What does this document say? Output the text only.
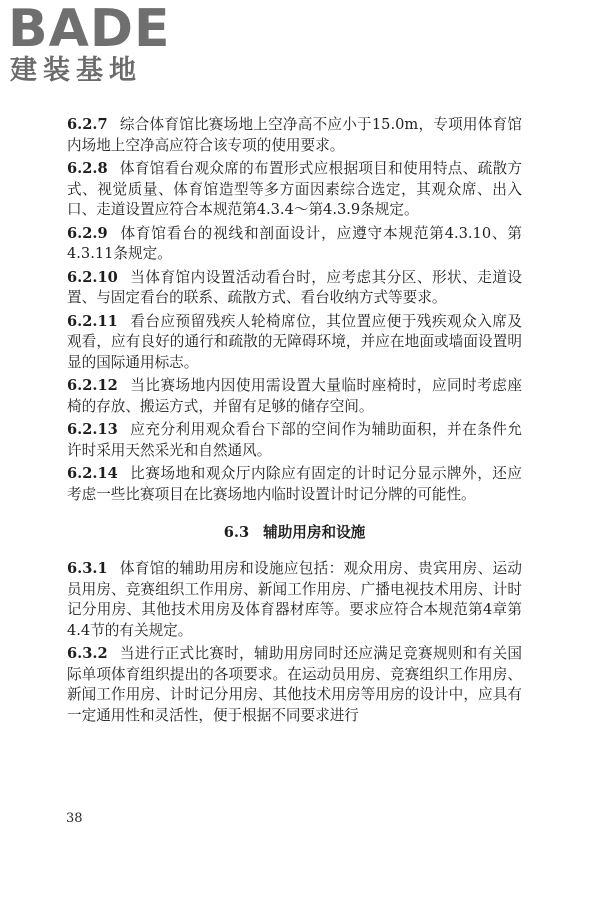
BADE
建装基地

6.2.7 综合体育馆比赛场地上空净高不应小于15.0m，专项用体育馆内场地上空净高应符合该专项的使用要求。

6.2.8 体育馆看台观众席的布置形式应根据项目和使用特点、疏散方式、视觉质量、体育馆造型等多方面因素综合选定，其观众席、出入口、走道设置应符合本规范第4.3.4～第4.3.9条规定。

6.2.9 体育馆看台的视线和剖面设计，应遵守本规范第4.3.10、第4.3.11条规定。

6.2.10 当体育馆内设置活动看台时，应考虑其分区、形状、走道设置、与固定看台的联系、疏散方式、看台收纳方式等要求。

6.2.11 看台应预留残疾人轮椅席位，其位置应便于残疾观众入席及观看，应有良好的通行和疏散的无障碍环境，并应在地面或墙面设置明显的国际通用标志。

6.2.12 当比赛场地内因使用需设置大量临时座椅时，应同时考虑座椅的存放、搬运方式，并留有足够的储存空间。

6.2.13 应充分利用观众看台下部的空间作为辅助面积，并在条件允许时采用天然采光和自然通风。

6.2.14 比赛场地和观众厅内除应有固定的计时记分显示牌外，还应考虑一些比赛项目在比赛场地内临时设置计时记分牌的可能性。

6.3 辅助用房和设施

6.3.1 体育馆的辅助用房和设施应包括：观众用房、贵宾用房、运动员用房、竞赛组织工作用房、新闻工作用房、广播电视技术用房、计时记分用房、其他技术用房及体育器材库等。要求应符合本规范第4章第4.4节的有关规定。

6.3.2 当进行正式比赛时，辅助用房同时还应满足竞赛规则和有关国际单项体育组织提出的各项要求。在运动员用房、竞赛组织工作用房、新闻工作用房、计时记分用房、其他技术用房等用房的设计中，应具有一定通用性和灵活性，便于根据不同要求进行

38
